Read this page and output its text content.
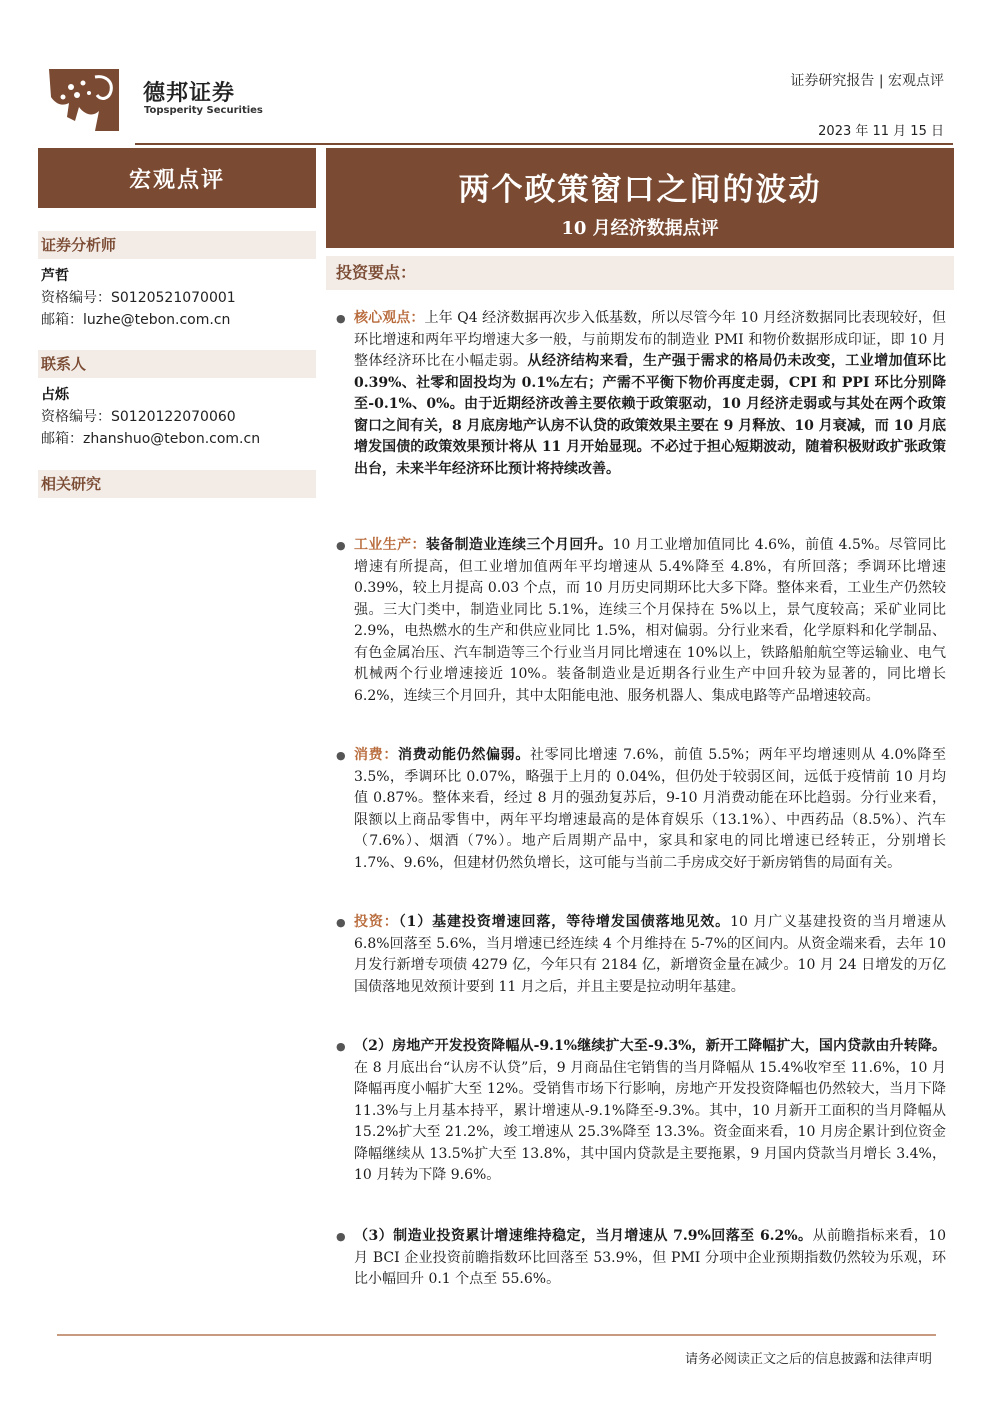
德邦证券
Topsperity Securities
证券研究报告 | 宏观点评
2023 年 11 月 15 日
宏观点评
证券分析师
芦哲
资格编号：S0120521070001
邮箱：luzhe@tebon.com.cn
联系人
占烁
资格编号：S0120122070060
邮箱：zhanshuo@tebon.com.cn
相关研究
两个政策窗口之间的波动
10 月经济数据点评
投资要点：
● 核心观点：上年 Q4 经济数据再次步入低基数，所以尽管今年 10 月经济数据同比表现较好，但环比增速和两年平均增速大多一般，与前期发布的制造业 PMI 和物价数据形成印证，即 10 月整体经济环比在小幅走弱。从经济结构来看，生产强于需求的格局仍未改变，工业增加值环比 0.39%、社零和固投均为 0.1%左右；产需不平衡下物价再度走弱，CPI 和 PPI 环比分别降至-0.1%、0%。由于近期经济改善主要依赖于政策驱动，10 月经济走弱或与其处在两个政策窗口之间有关，8 月底房地产认房不认贷的政策效果主要在 9 月释放、10 月衰减，而 10 月底增发国债的政策效果预计将从 11 月开始显现。不必过于担心短期波动，随着积极财政扩张政策出台，未来半年经济环比预计将持续改善。
● 工业生产：装备制造业连续三个月回升。10 月工业增加值同比 4.6%，前值 4.5%。尽管同比增速有所提高，但工业增加值两年平均增速从 5.4%降至 4.8%，有所回落；季调环比增速 0.39%，较上月提高 0.03 个点，而 10 月历史同期环比大多下降。整体来看，工业生产仍然较强。三大门类中，制造业同比 5.1%，连续三个月保持在 5%以上，景气度较高；采矿业同比 2.9%，电热燃水的生产和供应业同比 1.5%，相对偏弱。分行业来看，化学原料和化学制品、有色金属冶压、汽车制造等三个行业当月同比增速在 10%以上，铁路船舶航空等运输业、电气机械两个行业增速接近 10%。装备制造业是近期各行业生产中回升较为显著的，同比增长 6.2%，连续三个月回升，其中太阳能电池、服务机器人、集成电路等产品增速较高。
● 消费：消费动能仍然偏弱。社零同比增速 7.6%，前值 5.5%；两年平均增速则从 4.0%降至 3.5%，季调环比 0.07%，略强于上月的 0.04%，但仍处于较弱区间，远低于疫情前 10 月均值 0.87%。整体来看，经过 8 月的强劲复苏后，9-10 月消费动能在环比趋弱。分行业来看，限额以上商品零售中，两年平均增速最高的是体育娱乐（13.1%）、中西药品（8.5%）、汽车（7.6%）、烟酒（7%）。地产后周期产品中，家具和家电的同比增速已经转正，分别增长 1.7%、9.6%，但建材仍然负增长，这可能与当前二手房成交好于新房销售的局面有关。
● 投资：（1）基建投资增速回落，等待增发国债落地见效。10 月广义基建投资的当月增速从 6.8%回落至 5.6%，当月增速已经连续 4 个月维持在 5-7%的区间内。从资金端来看，去年 10 月发行新增专项债 4279 亿，今年只有 2184 亿，新增资金量在减少。10 月 24 日增发的万亿国债落地见效预计要到 11 月之后，并且主要是拉动明年基建。
● （2）房地产开发投资降幅从-9.1%继续扩大至-9.3%，新开工降幅扩大，国内贷款由升转降。在 8 月底出台“认房不认贷”后，9 月商品住宅销售的当月降幅从 15.4%收窄至 11.6%，10 月降幅再度小幅扩大至 12%。受销售市场下行影响，房地产开发投资降幅也仍然较大，当月下降 11.3%与上月基本持平，累计增速从-9.1%降至-9.3%。其中，10 月新开工面积的当月降幅从 15.2%扩大至 21.2%，竣工增速从 25.3%降至 13.3%。资金面来看，10 月房企累计到位资金降幅继续从 13.5%扩大至 13.8%，其中国内贷款是主要拖累，9 月国内贷款当月增长 3.4%，10 月转为下降 9.6%。
● （3）制造业投资累计增速维持稳定，当月增速从 7.9%回落至 6.2%。从前瞻指标来看，10 月 BCI 企业投资前瞻指数环比回落至 53.9%，但 PMI 分项中企业预期指数仍然较为乐观，环比小幅回升 0.1 个点至 55.6%。
请务必阅读正文之后的信息披露和法律声明
